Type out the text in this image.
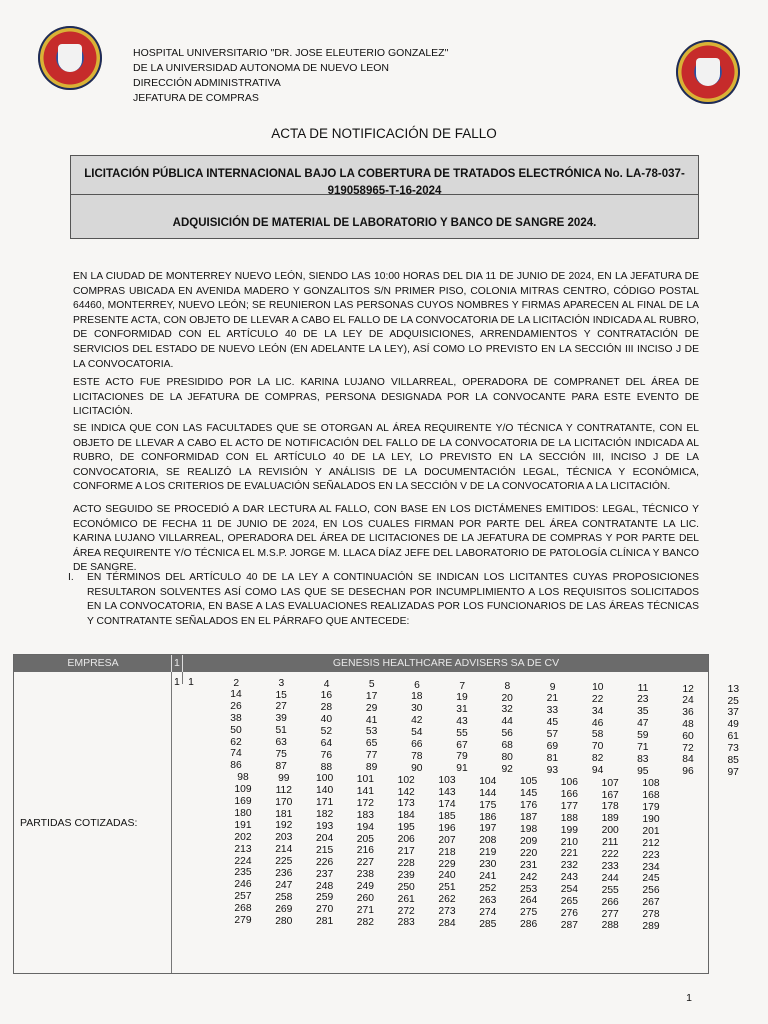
HOSPITAL UNIVERSITARIO "DR. JOSE ELEUTERIO GONZALEZ"
DE LA UNIVERSIDAD AUTONOMA DE NUEVO LEON
DIRECCIÓN ADMINISTRATIVA
JEFATURA DE COMPRAS
ACTA DE NOTIFICACIÓN DE FALLO
LICITACIÓN PÚBLICA INTERNACIONAL BAJO LA COBERTURA DE TRATADOS ELECTRÓNICA No. LA-78-037-919058965-T-16-2024
ADQUISICIÓN DE MATERIAL DE LABORATORIO Y BANCO DE SANGRE 2024.
EN LA CIUDAD DE MONTERREY NUEVO LEÓN, SIENDO LAS 10:00 HORAS DEL DIA 11 DE JUNIO DE 2024, EN LA JEFATURA DE COMPRAS UBICADA EN AVENIDA MADERO Y GONZALITOS S/N PRIMER PISO, COLONIA MITRAS CENTRO, CÓDIGO POSTAL 64460, MONTERREY, NUEVO LEÓN; SE REUNIERON LAS PERSONAS CUYOS NOMBRES Y FIRMAS APARECEN AL FINAL DE LA PRESENTE ACTA, CON OBJETO DE LLEVAR A CABO EL FALLO DE LA CONVOCATORIA DE LA LICITACIÓN INDICADA AL RUBRO, DE CONFORMIDAD CON EL ARTÍCULO 40 DE LA LEY DE ADQUISICIONES, ARRENDAMIENTOS Y CONTRATACIÓN DE SERVICIOS DEL ESTADO DE NUEVO LEÓN (EN ADELANTE LA LEY), ASÍ COMO LO PREVISTO EN LA SECCIÓN III INCISO J DE LA CONVOCATORIA.
ESTE ACTO FUE PRESIDIDO POR LA LIC. KARINA LUJANO VILLARREAL, OPERADORA DE COMPRANET DEL ÁREA DE LICITACIONES DE LA JEFATURA DE COMPRAS, PERSONA DESIGNADA POR LA CONVOCANTE PARA ESTE EVENTO DE LICITACIÓN.
SE INDICA QUE CON LAS FACULTADES QUE SE OTORGAN AL ÁREA REQUIRENTE Y/O TÉCNICA Y CONTRATANTE, CON EL OBJETO DE LLEVAR A CABO EL ACTO DE NOTIFICACIÓN DEL FALLO DE LA CONVOCATORIA DE LA LICITACIÓN INDICADA AL RUBRO, DE CONFORMIDAD CON EL ARTÍCULO 40 DE LA LEY, LO PREVISTO EN LA SECCIÓN III, INCISO J DE LA CONVOCATORIA, SE REALIZÓ LA REVISIÓN Y ANÁLISIS DE LA DOCUMENTACIÓN LEGAL, TÉCNICA Y ECONÓMICA, CONFORME A LOS CRITERIOS DE EVALUACIÓN SEÑALADOS EN LA SECCIÓN V DE LA CONVOCATORIA A LA LICITACIÓN.
ACTO SEGUIDO SE PROCEDIÓ A DAR LECTURA AL FALLO, CON BASE EN LOS DICTÁMENES EMITIDOS: LEGAL, TÉCNICO Y ECONÓMICO DE FECHA 11 DE JUNIO DE 2024, EN LOS CUALES FIRMAN POR PARTE DEL ÁREA CONTRATANTE LA LIC. KARINA LUJANO VILLARREAL, OPERADORA DEL ÁREA DE LICITACIONES DE LA JEFATURA DE COMPRAS Y POR PARTE DEL ÁREA REQUIRENTE Y/O TÉCNICA EL M.S.P. JORGE M. LLACA DÍAZ JEFE DEL LABORATORIO DE PATOLOGÍA CLÍNICA Y BANCO DE SANGRE.
I. EN TÉRMINOS DEL ARTÍCULO 40 DE LA LEY A CONTINUACIÓN SE INDICAN LOS LICITANTES CUYAS PROPOSICIONES RESULTARON SOLVENTES ASÍ COMO LAS QUE SE DESECHAN POR INCUMPLIMIENTO A LOS REQUISITOS SOLICITADOS EN LA CONVOCATORIA, EN BASE A LAS EVALUACIONES REALIZADAS POR LOS FUNCIONARIOS DE LAS ÁREAS TÉCNICAS Y CONTRATANTE SEÑALADOS EN EL PÁRRAFO QUE ANTECEDE:
EMPRESA	1	GENESIS HEALTHCARE ADVISERS SA DE CV
1
PARTIDAS COTIZADAS:
1	2	3	4	5	6	7	8	9	10	11	12	13
14	15	16	17	18	19	20	21	22	23	24	25
26	27	28	29	30	31	32	33	34	35	36	37
38	39	40	41	42	43	44	45	46	47	48	49
50	51	52	53	54	55	56	57	58	59	60	61
62	63	64	65	66	67	68	69	70	71	72	73
74	75	76	77	78	79	80	81	82	83	84	85
86	87	88	89	90	91	92	93	94	95	96	97
98	99	100	101	102	103	104	105	106	107	108
109	112	140	141	142	143	144	145	166	167	168
169	170	171	172	173	174	175	176	177	178	179
180	181	182	183	184	185	186	187	188	189	190
191	192	193	194	195	196	197	198	199	200	201
202	203	204	205	206	207	208	209	210	211	212
213	214	215	216	217	218	219	220	221	222	223
224	225	226	227	228	229	230	231	232	233	234
235	236	237	238	239	240	241	242	243	244	245
246	247	248	249	250	251	252	253	254	255	256
257	258	259	260	261	262	263	264	265	266	267
268	269	270	271	272	273	274	275	276	277	278
279	280	281	282	283	284	285	286	287	288	289
1
